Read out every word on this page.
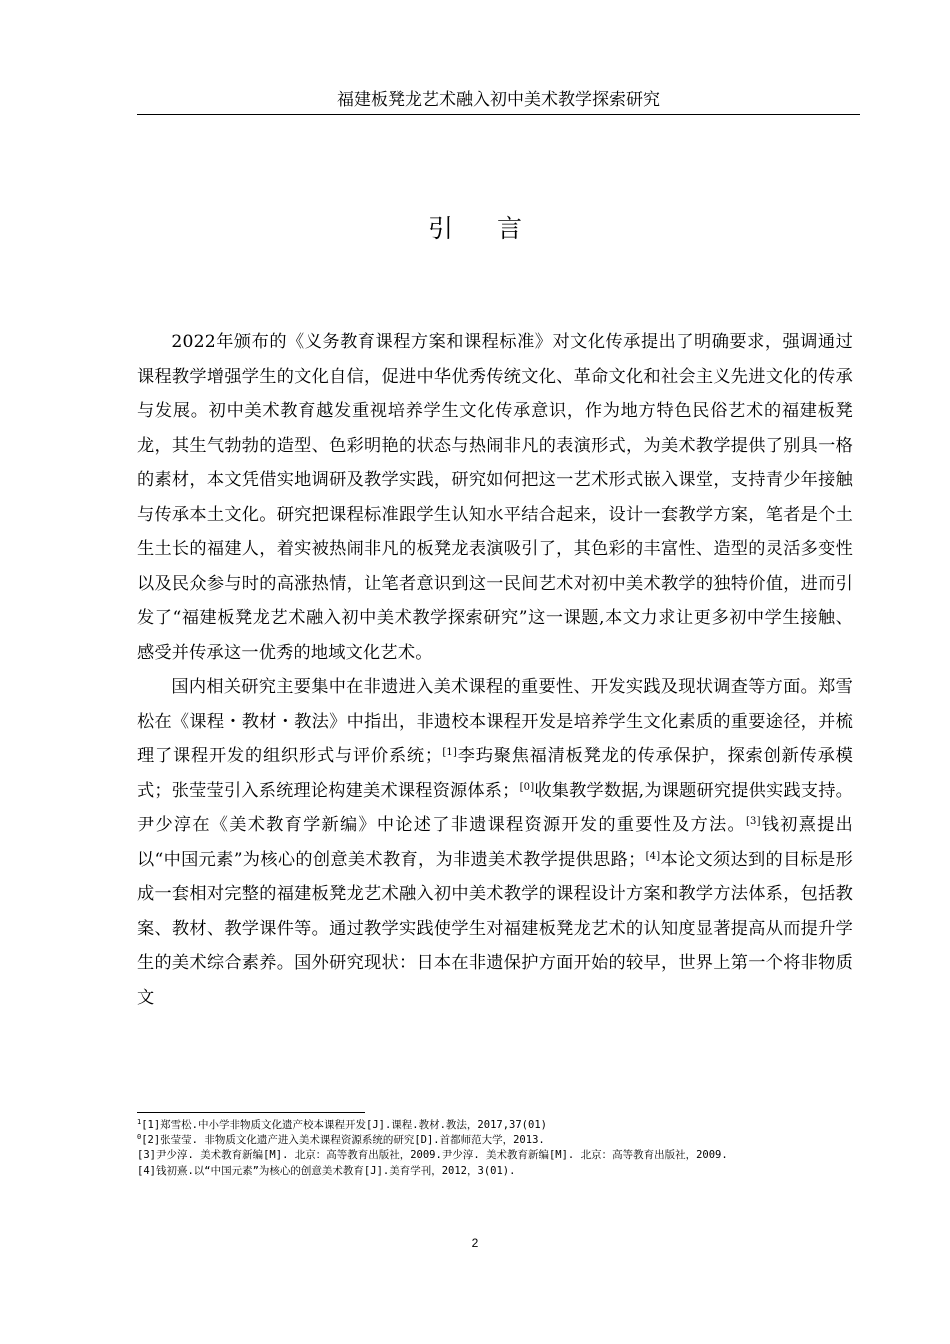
福建板凳龙艺术融入初中美术教学探索研究
引言

2022年颁布的《义务教育课程方案和课程标准》对文化传承提出了明确要求，强调通过课程教学增强学生的文化自信，促进中华优秀传统文化、革命文化和社会主义先进文化的传承与发展。初中美术教育越发重视培养学生文化传承意识，作为地方特色民俗艺术的福建板凳龙，其生气勃勃的造型、色彩明艳的状态与热闹非凡的表演形式，为美术教学提供了别具一格的素材，本文凭借实地调研及教学实践，研究如何把这一艺术形式嵌入课堂，支持青少年接触与传承本土文化。研究把课程标准跟学生认知水平结合起来，设计一套教学方案，笔者是个土生土长的福建人，着实被热闹非凡的板凳龙表演吸引了，其色彩的丰富性、造型的灵活多变性以及民众参与时的高涨热情，让笔者意识到这一民间艺术对初中美术教学的独特价值，进而引发了“福建板凳龙艺术融入初中美术教学探索研究”这一课题,本文力求让更多初中学生接触、感受并传承这一优秀的地域文化艺术。

国内相关研究主要集中在非遗进入美术课程的重要性、开发实践及现状调查等方面。郑雪松在《课程・教材・教法》中指出，非遗校本课程开发是培养学生文化素质的重要途径，并梳理了课程开发的组织形式与评价系统；[1]李玙聚焦福清板凳龙的传承保护，探索创新传承模式；张莹莹引入系统理论构建美术课程资源体系；[0]收集教学数据,为课题研究提供实践支持。尹少淳在《美术教育学新编》中论述了非遗课程资源开发的重要性及方法。[3]钱初熹提出以“中国元素”为核心的创意美术教育，为非遗美术教学提供思路；[4]本论文须达到的目标是形成一套相对完整的福建板凳龙艺术融入初中美术教学的课程设计方案和教学方法体系，包括教案、教材、教学课件等。通过教学实践使学生对福建板凳龙艺术的认知度显著提高从而提升学生的美术综合素养。国外研究现状：日本在非遗保护方面开始的较早，世界上第一个将非物质文

$^1$[1]郑雪松.中小学非物质文化遗产校本课程开发[J].课程.教材.教法，2017,37(01)

$^0$[2]张莹莹. 非物质文化遗产进入美术课程资源系统的研究[D].首都师范大学，2013.

[3]尹少淳. 美术教育新编[M]. 北京：高等教育出版社，2009.尹少淳. 美术教育新编[M]. 北京：高等教育出版社，2009.

[4]钱初熹.以“中国元素”为核心的创意美术教育[J].美育学刊，2012，3(01).

2
